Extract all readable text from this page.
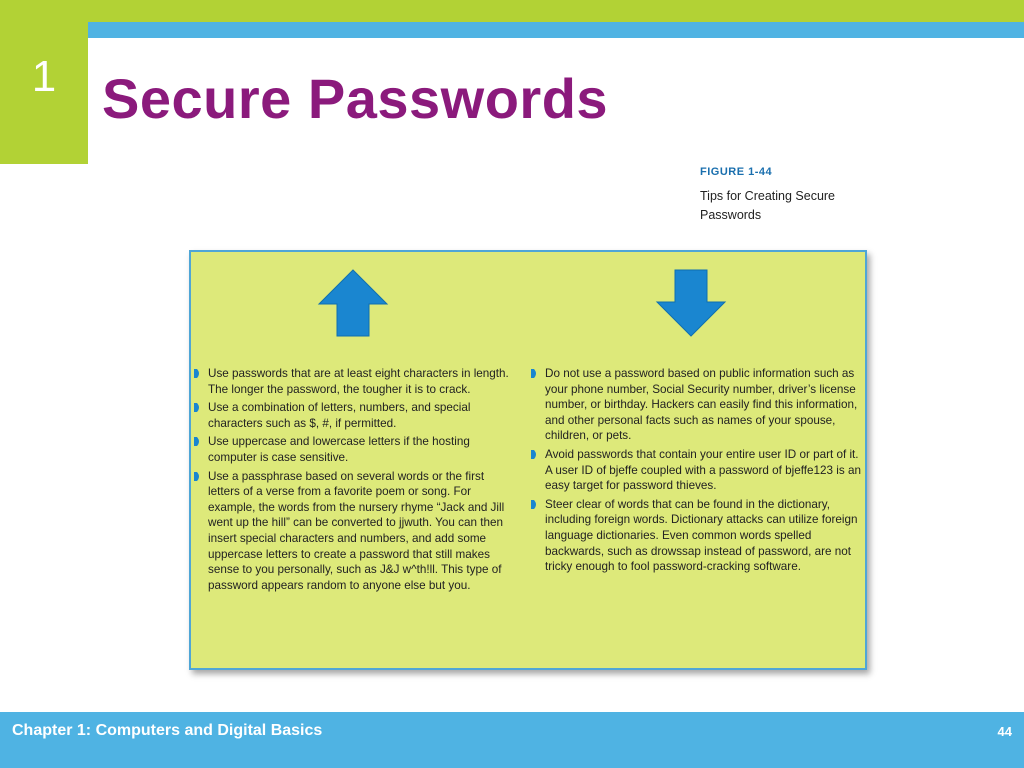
1 Secure Passwords
FIGURE 1-44
Tips for Creating Secure Passwords
Use passwords that are at least eight characters in length. The longer the password, the tougher it is to crack.
Use a combination of letters, numbers, and special characters such as $, #, if permitted.
Use uppercase and lowercase letters if the hosting computer is case sensitive.
Use a passphrase based on several words or the first letters of a verse from a favorite poem or song. For example, the words from the nursery rhyme “Jack and Jill went up the hill” can be converted to jjwuth. You can then insert special characters and numbers, and add some uppercase letters to create a password that still makes sense to you personally, such as J&J w^th!ll. This type of password appears random to anyone else but you.
Do not use a password based on public information such as your phone number, Social Security number, driver’s license number, or birthday. Hackers can easily find this information, and other personal facts such as names of your spouse, children, or pets.
Avoid passwords that contain your entire user ID or part of it. A user ID of bjeffe coupled with a password of bjeffe123 is an easy target for password thieves.
Steer clear of words that can be found in the dictionary, including foreign words. Dictionary attacks can utilize foreign language dictionaries. Even common words spelled backwards, such as drowssap instead of password, are not tricky enough to fool password-cracking software.
Chapter 1: Computers and Digital Basics	44
